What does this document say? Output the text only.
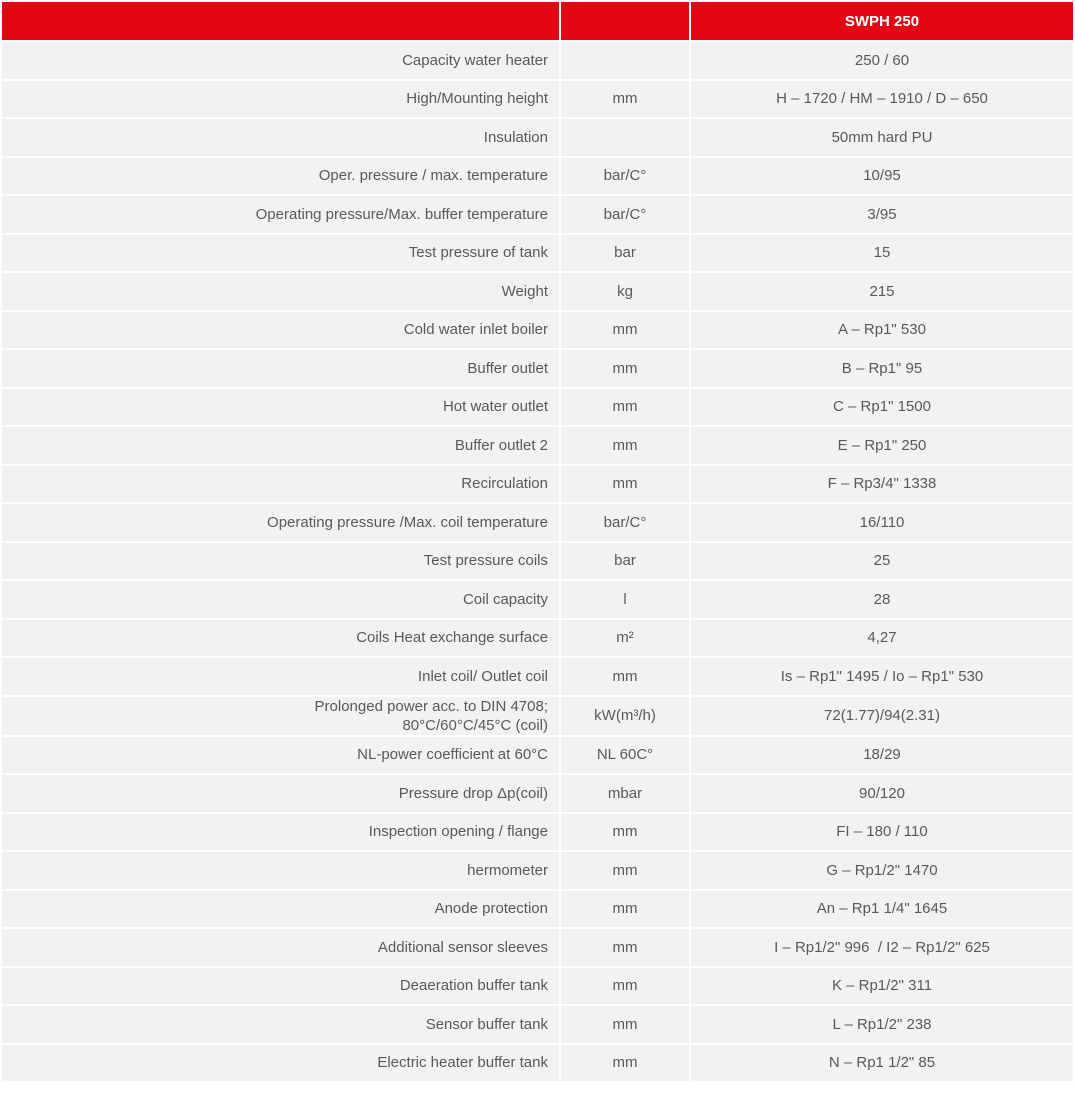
		SWPH 250
Capacity water heater		250 / 60
High/Mounting height	mm	H – 1720 / HM – 1910 / D – 650
Insulation		50mm hard PU
Oper. pressure / max. temperature	bar/C°	10/95
Operating pressure/Max. buffer temperature	bar/C°	3/95
Test pressure of tank	bar	15
Weight	kg	215
Cold water inlet boiler	mm	A – Rp1" 530
Buffer outlet	mm	B – Rp1" 95
Hot water outlet	mm	C – Rp1" 1500
Buffer outlet 2	mm	E – Rp1" 250
Recirculation	mm	F – Rp3/4" 1338
Operating pressure /Max. coil temperature	bar/C°	16/110
Test pressure coils	bar	25
Coil capacity	l	28
Coils Heat exchange surface	m²	4,27
Inlet coil/ Outlet coil	mm	Is – Rp1" 1495 / Io – Rp1" 530
Prolonged power acc. to DIN 4708;
80°C/60°C/45°C (coil)	kW(m³/h)	72(1.77)/94(2.31)
NL-power coefficient at 60°C	NL 60C°	18/29
Pressure drop Δp(coil)	mbar	90/120
Inspection opening / flange	mm	FI – 180 / 110
hermometer	mm	G – Rp1/2" 1470
Anode protection	mm	An – Rp1 1/4" 1645
Additional sensor sleeves	mm	I – Rp1/2" 996  / I2 – Rp1/2" 625
Deaeration buffer tank	mm	K – Rp1/2" 311
Sensor buffer tank	mm	L – Rp1/2" 238
Electric heater buffer tank	mm	N – Rp1 1/2" 85
